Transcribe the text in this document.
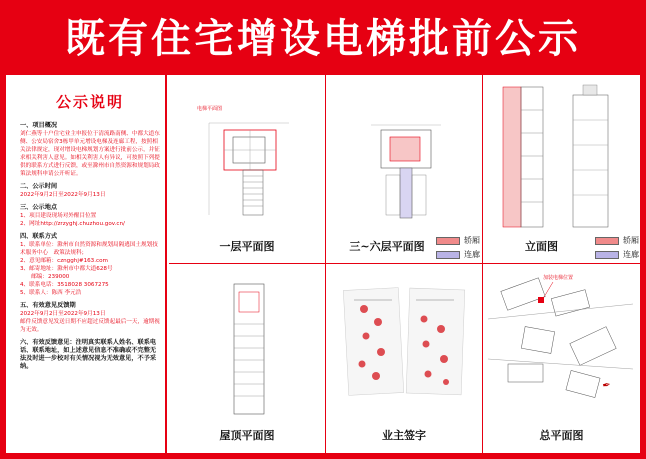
既有住宅增设电梯批前公示
公示说明
一、项目概况
刘仁燕等十户住宅业主申报位于清流路南侧、中都大道东侧、公安局宿舍3栋甲单元增设电梯及连廊工程，按照相关法律规定，现对增设电梯规划方案进行批前公示，并征求相关利害人意见。如相关利害人有异议，可按照下列提供的联系方式进行反馈，或至滁州市自然资源和规划局政策法规科申请公开听证。
二、公示时间
2022年9月2日至2022年9月13日
三、公示地点
1、项目建设现场对外醒目位置
2、网址http://zrzyghj.chuzhou.gov.cn/
四、联系方式
1、联系单位：滁州市自然资源和规划局隔逃国土规划技术服务中心　政策法规科；
2、意见邮箱：czngghj#163.com
3、邮寄地址：滁州市中都大道628号
　　邮编：239000
4、联系电话：3518028 3067275
5、联系人：陈西 李元浩
五、有效意见反馈期
2022年9月2日至2022年9月13日
邮件反馈意见发送日期不应超过反馈起最后一天，逾期视为无效。
六、有效反馈意见：注明真实联系人姓名、联系电话、联系地址，如上述意见信息不准确或不完整无法及时进一步校对有关情况视为无效意见，不予采纳。
电梯平面图
一层平面图	三~六层平面图	轿厢
连廊
立面图	轿厢
连廊
屋顶平面图	业主签字
加装电梯位置
✒
总平面图
